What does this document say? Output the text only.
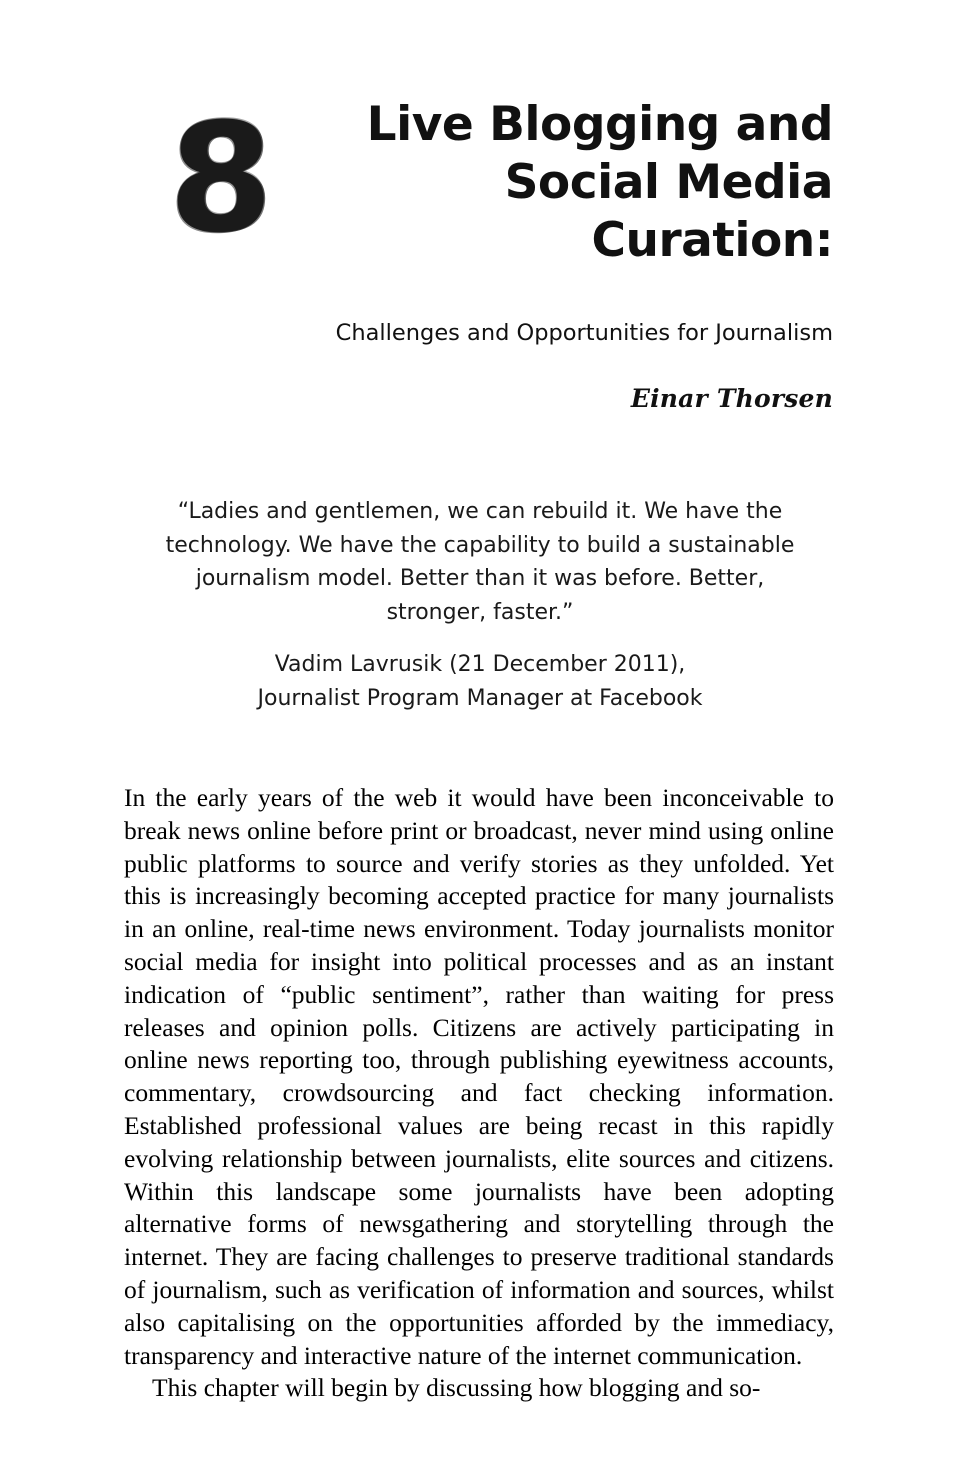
8	Live Blogging and
Social Media
Curation:
Challenges and Opportunities for Journalism
Einar Thorsen
“Ladies and gentlemen, we can rebuild it. We have the technology. We have the capability to build a sustainable journalism model. Better than it was before. Better, stronger, faster.”
Vadim Lavrusik (21 December 2011),
Journalist Program Manager at Facebook

In the early years of the web it would have been inconceivable to break news online before print or broadcast, never mind using online public platforms to source and verify stories as they unfolded. Yet this is increasingly becoming accepted practice for many journalists in an online, real-time news environment. Today journalists monitor social media for insight into political processes and as an instant indication of “public sentiment”, rather than waiting for press releases and opinion polls. Citizens are actively participating in online news reporting too, through publishing eyewitness accounts, commentary, crowdsourcing and fact checking information. Established professional values are being recast in this rapidly evolving relationship between journalists, elite sources and citizens. Within this landscape some journalists have been adopting alternative forms of newsgathering and storytelling through the internet. They are facing challenges to preserve traditional standards of journalism, such as verification of information and sources, whilst also capitalising on the opportunities afforded by the immediacy, transparency and interactive nature of the internet communication.

This chapter will begin by discussing how blogging and so-
